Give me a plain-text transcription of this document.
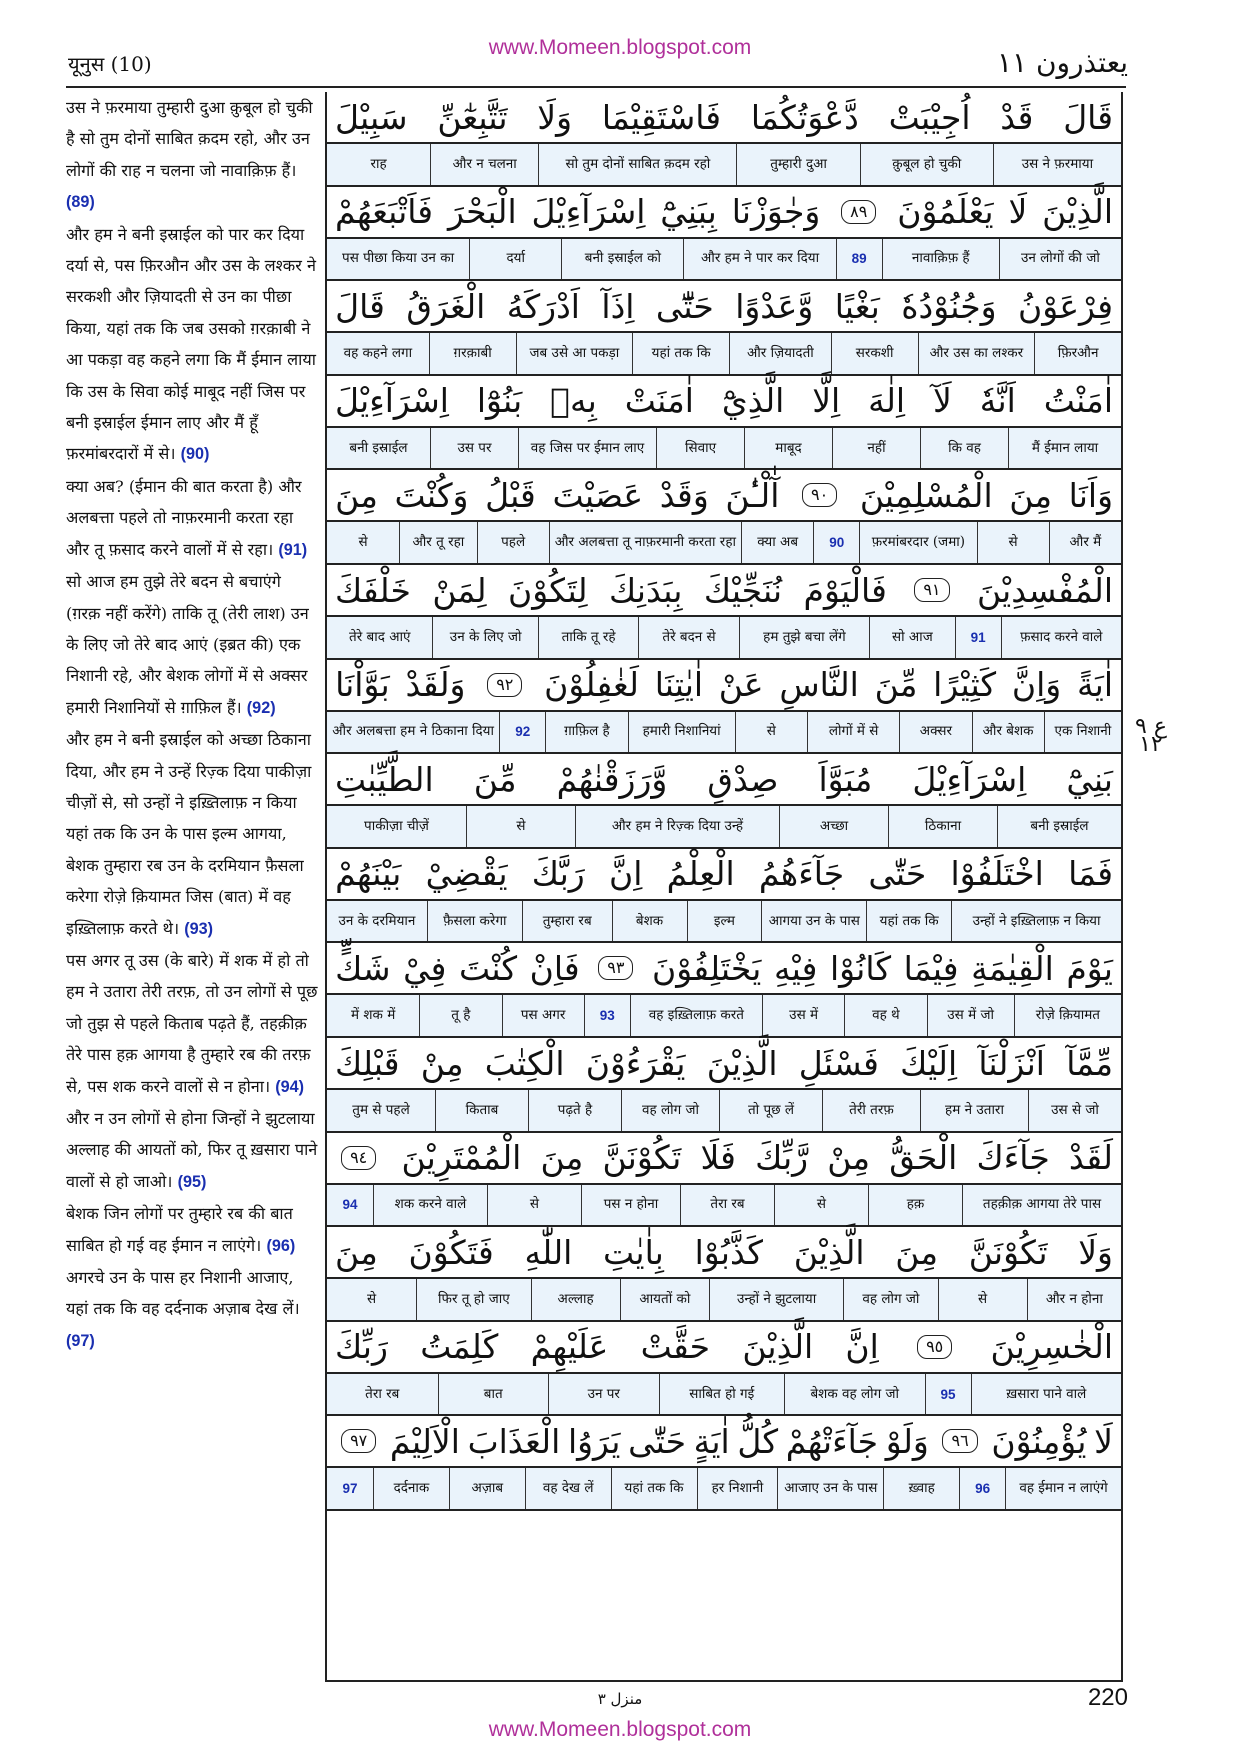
यूनुस (10)
www.Momeen.blogspot.com	يعتذرون ١١

उस ने फ़रमाया तुम्हारी दुआ क़ुबूल हो चुकी है सो तुम दोनों साबित क़दम रहो, और उन लोगों की राह न चलना जो नावाक़िफ़ हैं। (89)

और हम ने बनी इस्राईल को पार कर दिया दर्या से, पस फ़िरऔन और उस के लश्कर ने सरकशी और ज़ियादती से उन का पीछा किया, यहां तक कि जब उसको ग़रक़ाबी ने आ पकड़ा वह कहने लगा कि मैं ईमान लाया कि उस के सिवा कोई माबूद नहीं जिस पर बनी इस्राईल ईमान लाए और मैं हूँ फ़रमांबरदारों में से। (90)

क्या अब? (ईमान की बात करता है) और अलबत्ता पहले तो नाफ़रमानी करता रहा और तू फ़साद करने वालों में से रहा। (91)

सो आज हम तुझे तेरे बदन से बचाएंगे (ग़रक़ नहीं करेंगे) ताकि तू (तेरी लाश) उन के लिए जो तेरे बाद आएं (इब्रत की) एक निशानी रहे, और बेशक लोगों में से अक्सर हमारी निशानियों से ग़ाफ़िल हैं। (92)

और हम ने बनी इस्राईल को अच्छा ठिकाना दिया, और हम ने उन्हें रिज़्क दिया पाकीज़ा चीज़ों से, सो उन्हों ने इख़्तिलाफ़ न किया यहां तक कि उन के पास इल्म आगया, बेशक तुम्हारा रब उन के दरमियान फ़ैसला करेगा रोज़े क़ियामत जिस (बात) में वह इख़्तिलाफ़ करते थे। (93)

पस अगर तू उस (के बारे) में शक में हो तो हम ने उतारा तेरी तरफ़, तो उन लोगों से पूछ जो तुझ से पहले किताब पढ़ते हैं, तहक़ीक़ तेरे पास हक़ आगया है तुम्हारे रब की तरफ़ से, पस शक करने वालों से न होना। (94)

और न उन लोगों से होना जिन्हों ने झुटलाया अल्लाह की आयतों को, फिर तू ख़सारा पाने वालों से हो जाओ। (95)

बेशक जिन लोगों पर तुम्हारे रब की बात साबित हो गई वह ईमान न लाएंगे। (96)

अगरचे उन के पास हर निशानी आजाए, यहां तक कि वह दर्दनाक अज़ाब देख लें। (97)

قَالَ
قَدْ
اُجِيْبَتْ
دَّعْوَتُكُمَا
فَاسْتَقِيْمَا
وَلَا
تَتَّبِعٰٓنِّ
سَبِيْلَ
उस ने फ़रमाया
क़ुबूल हो चुकी
तुम्हारी दुआ
सो तुम दोनों साबित क़दम रहो
और न चलना
राह
الَّذِيْنَ
لَا
يَعْلَمُوْنَ
٨٩
وَجٰوَزْنَا
بِبَنِيْٓ
اِسْرَآءِيْلَ
الْبَحْرَ
فَاَتْبَعَهُمْ
उन लोगों की जो
नावाक़िफ़ हैं
89
और हम ने पार कर दिया
बनी इस्राईल को
दर्या
पस पीछा किया उन का
فِرْعَوْنُ
وَجُنُوْدُهٗ
بَغْيًا
وَّعَدْوًا
حَتّٰٓى
اِذَآ
اَدْرَكَهُ
الْغَرَقُ
قَالَ
फ़िरऔन
और उस का लश्कर
सरकशी
और ज़ियादती
यहां तक कि
जब उसे आ पकड़ा
ग़रक़ाबी
वह कहने लगा
اٰمَنْتُ
اَنَّهٗ
لَآ
اِلٰهَ
اِلَّا
الَّذِيْٓ
اٰمَنَتْ
بِهٖ
بَنُوْٓا
اِسْرَآءِيْلَ
मैं ईमान लाया
कि वह
नहीं
माबूद
सिवाए
वह जिस पर ईमान लाए
उस पर
बनी इस्राईल
وَاَنَا
مِنَ
الْمُسْلِمِيْنَ
٩٠
آٰلْـٰٔنَ
وَقَدْ
عَصَيْتَ
قَبْلُ
وَكُنْتَ
مِنَ
और मैं
से
फ़रमांबरदार (जमा)
90
क्या अब
और अलबत्ता तू नाफ़रमानी करता रहा
पहले
और तू रहा
से
الْمُفْسِدِيْنَ
٩١
فَالْيَوْمَ
نُنَجِّيْكَ
بِبَدَنِكَ
لِتَكُوْنَ
لِمَنْ
خَلْفَكَ
फ़साद करने वाले
91
सो आज
हम तुझे बचा लेंगे
तेरे बदन से
ताकि तू रहे
उन के लिए जो
तेरे बाद आएं
اٰيَةً
وَاِنَّ
كَثِيْرًا
مِّنَ
النَّاسِ
عَنْ
اٰيٰتِنَا
لَغٰفِلُوْنَ
٩٢
وَلَقَدْ
بَوَّاْنَا
एक निशानी
और बेशक
अक्सर
लोगों में से
से
हमारी निशानियां
ग़ाफ़िल है
92
और अलबत्ता हम ने ठिकाना दिया
بَنِيْٓ
اِسْرَآءِيْلَ
مُبَوَّاَ
صِدْقٍ
وَّرَزَقْنٰهُمْ
مِّنَ
الطَّيِّبٰتِ
बनी इस्राईल
ठिकाना
अच्छा
और हम ने रिज़्क दिया उन्हें
से
पाकीज़ा चीज़ें
فَمَا
اخْتَلَفُوْا
حَتّٰى
جَآءَهُمُ
الْعِلْمُ
اِنَّ
رَبَّكَ
يَقْضِيْ
بَيْنَهُمْ
उन्हों ने इख़्तिलाफ़ न किया
यहां तक कि
आगया उन के पास
इल्म
बेशक
तुम्हारा रब
फ़ैसला करेगा
उन के दरमियान
يَوْمَ
الْقِيٰمَةِ
فِيْمَا
كَانُوْا
فِيْهِ
يَخْتَلِفُوْنَ
٩٣
فَاِنْ
كُنْتَ
فِيْ
شَكٍّ
रोज़े क़ियामत
उस में जो
वह थे
उस में
वह इख़्तिलाफ़ करते
93
पस अगर
तू है
में शक में
مِّمَّآ
اَنْزَلْنَآ
اِلَيْكَ
فَسْئَلِ
الَّذِيْنَ
يَقْرَءُوْنَ
الْكِتٰبَ
مِنْ
قَبْلِكَ
उस से जो
हम ने उतारा
तेरी तरफ़
तो पूछ लें
वह लोग जो
पढ़ते है
किताब
तुम से पहले
لَقَدْ
جَآءَكَ
الْحَقُّ
مِنْ
رَّبِّكَ
فَلَا
تَكُوْنَنَّ
مِنَ
الْمُمْتَرِيْنَ
٩٤
तहक़ीक़ आगया तेरे पास
हक़
से
तेरा रब
पस न होना
से
शक करने वाले
94
وَلَا
تَكُوْنَنَّ
مِنَ
الَّذِيْنَ
كَذَّبُوْا
بِاٰيٰتِ
اللّٰهِ
فَتَكُوْنَ
مِنَ
और न होना
से
वह लोग जो
उन्हों ने झुटलाया
आयतों को
अल्लाह
फिर तू हो जाए
से
الْخٰسِرِيْنَ
٩٥
اِنَّ
الَّذِيْنَ
حَقَّتْ
عَلَيْهِمْ
كَلِمَتُ
رَبِّكَ
ख़सारा पाने वाले
95
बेशक वह लोग जो
साबित हो गई
उन पर
बात
तेरा रब
لَا
يُؤْمِنُوْنَ
٩٦
وَلَوْ
جَآءَتْهُمْ
كُلُّ
اٰيَةٍ
حَتّٰى
يَرَوُا
الْعَذَابَ
الْاَلِيْمَ
٩٧
वह ईमान न लाएंगे
96
ख़्वाह
आजाए उन के पास
हर निशानी
यहां तक कि
वह देख लें
अज़ाब
दर्दनाक
97
ع ٩ ١٢
منزل ٣	220
www.Momeen.blogspot.com
